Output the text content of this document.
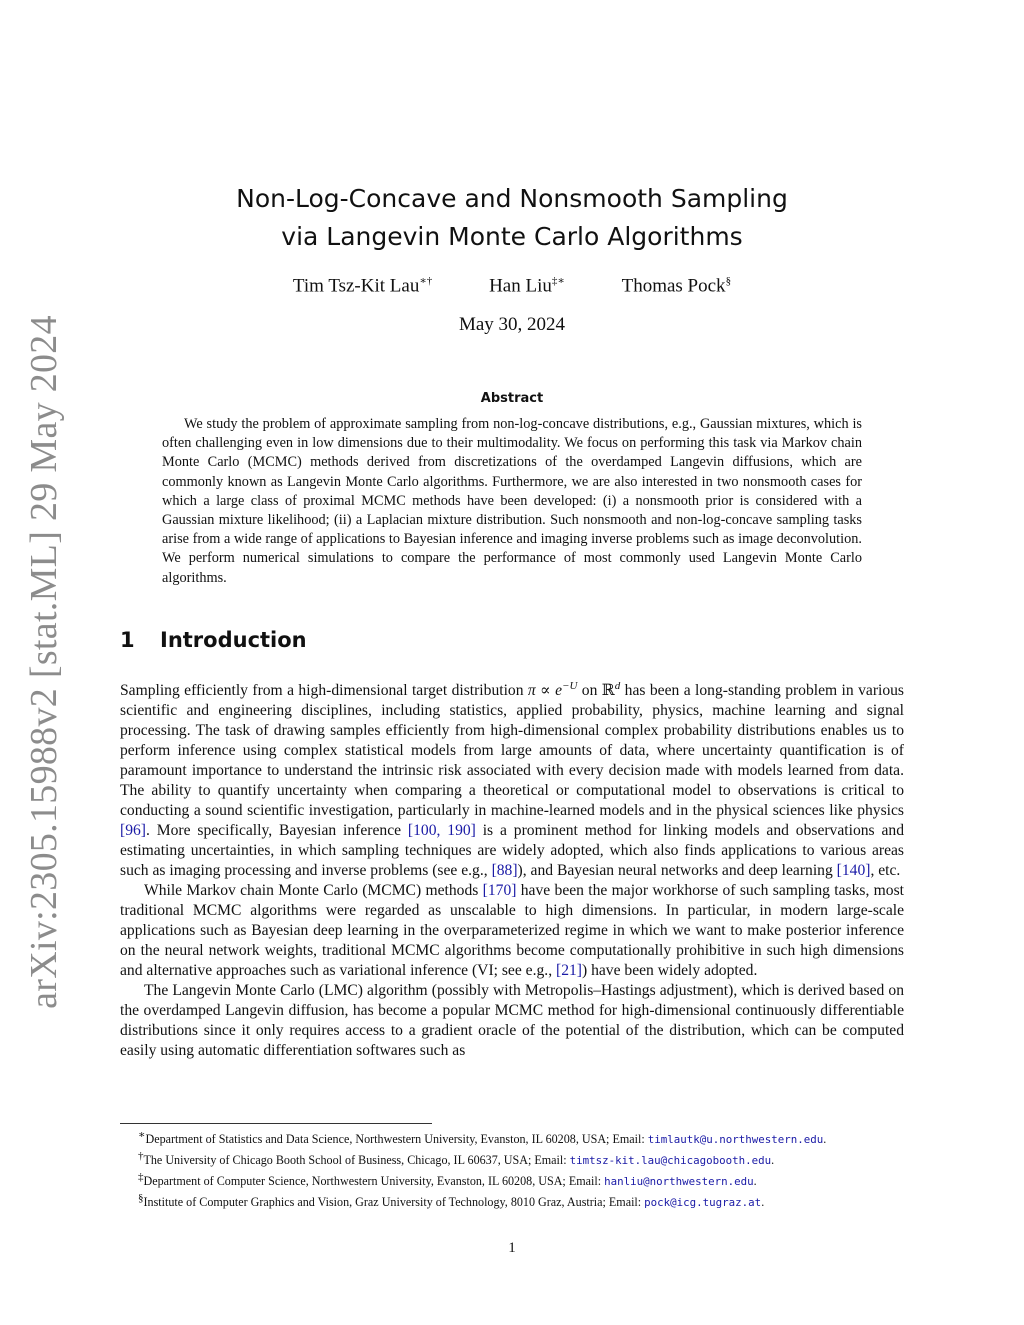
arXiv:2305.15988v2 [stat.ML] 29 May 2024
Non-Log-Concave and Nonsmooth Sampling
via Langevin Monte Carlo Algorithms
Tim Tsz-Kit Lau∗†	Han Liu‡∗	Thomas Pock§
May 30, 2024
Abstract

We study the problem of approximate sampling from non-log-concave distributions, e.g., Gaussian mixtures, which is often challenging even in low dimensions due to their multimodality. We focus on performing this task via Markov chain Monte Carlo (MCMC) methods derived from discretizations of the overdamped Langevin diffusions, which are commonly known as Langevin Monte Carlo algorithms. Furthermore, we are also interested in two nonsmooth cases for which a large class of proximal MCMC methods have been developed: (i) a nonsmooth prior is considered with a Gaussian mixture likelihood; (ii) a Laplacian mixture distribution. Such nonsmooth and non-log-concave sampling tasks arise from a wide range of applications to Bayesian inference and imaging inverse problems such as image deconvolution. We perform numerical simulations to compare the performance of most commonly used Langevin Monte Carlo algorithms.

1 Introduction

Sampling efficiently from a high-dimensional target distribution $\pi \propto e^{-U}$ on ℝ$^d$ has been a long-standing problem in various scientific and engineering disciplines, including statistics, applied probability, physics, machine learning and signal processing. The task of drawing samples efficiently from high-dimensional complex probability distributions enables us to perform inference using complex statistical models from large amounts of data, where uncertainty quantification is of paramount importance to understand the intrinsic risk associated with every decision made with models learned from data. The ability to quantify uncertainty when comparing a theoretical or computational model to observations is critical to conducting a sound scientific investigation, particularly in machine-learned models and in the physical sciences like physics [96]. More specifically, Bayesian inference [100, 190] is a prominent method for linking models and observations and estimating uncertainties, in which sampling techniques are widely adopted, which also finds applications to various areas such as imaging processing and inverse problems (see e.g., [88]), and Bayesian neural networks and deep learning [140], etc.

While Markov chain Monte Carlo (MCMC) methods [170] have been the major workhorse of such sampling tasks, most traditional MCMC algorithms were regarded as unscalable to high dimensions. In particular, in modern large-scale applications such as Bayesian deep learning in the overparameterized regime in which we want to make posterior inference on the neural network weights, traditional MCMC algorithms become computationally prohibitive in such high dimensions and alternative approaches such as variational inference (VI; see e.g., [21]) have been widely adopted.

The Langevin Monte Carlo (LMC) algorithm (possibly with Metropolis–Hastings adjustment), which is derived based on the overdamped Langevin diffusion, has become a popular MCMC method for high-dimensional continuously differentiable distributions since it only requires access to a gradient oracle of the potential of the distribution, which can be computed easily using automatic differentiation softwares such as

∗Department of Statistics and Data Science, Northwestern University, Evanston, IL 60208, USA; Email: timlautk@u.northwestern.edu.

†The University of Chicago Booth School of Business, Chicago, IL 60637, USA; Email: timtsz-kit.lau@chicagobooth.edu.

‡Department of Computer Science, Northwestern University, Evanston, IL 60208, USA; Email: hanliu@northwestern.edu.

§Institute of Computer Graphics and Vision, Graz University of Technology, 8010 Graz, Austria; Email: pock@icg.tugraz.at.

1
